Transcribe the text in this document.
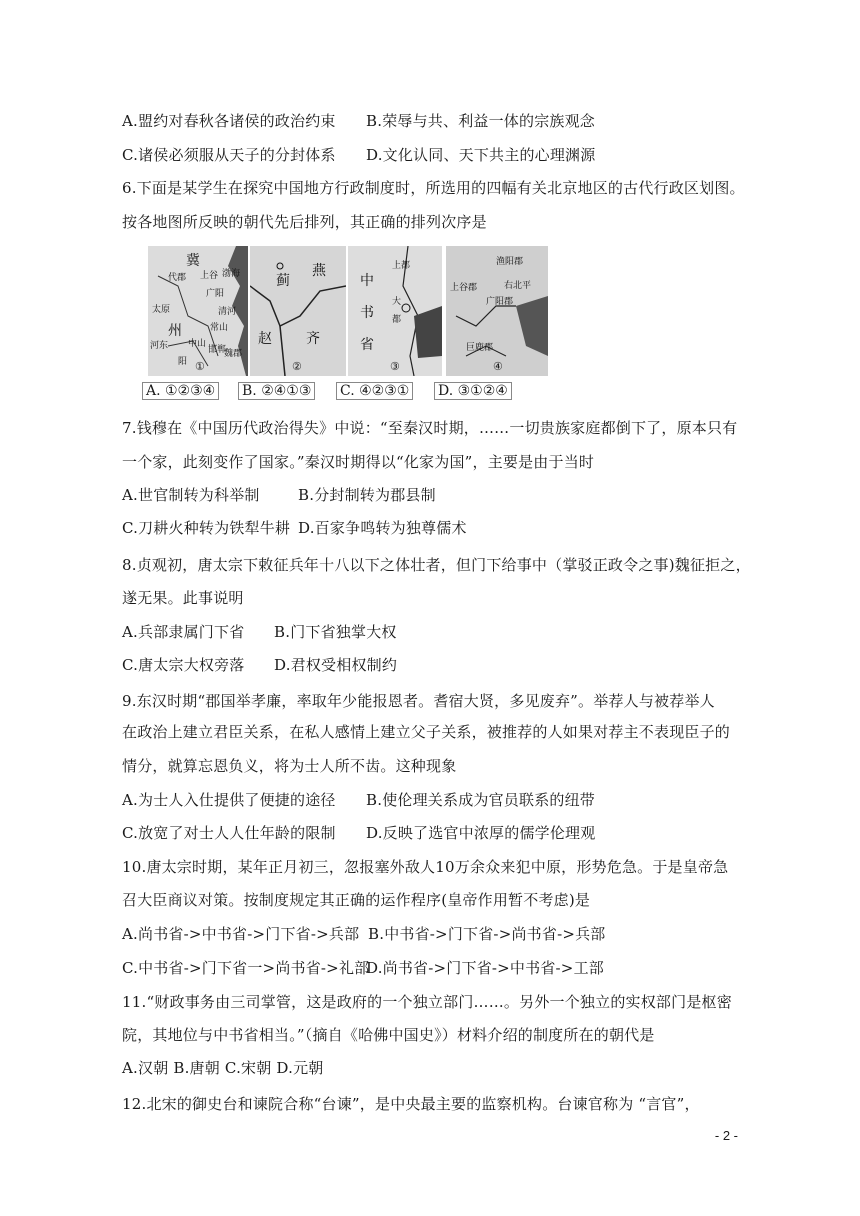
A.盟约对春秋各诸侯的政治约束 B.荣辱与共、利益一体的宗族观念
C.诸侯必须服从天子的分封体系 D.文化认同、天下共主的心理渊源
6.下面是某学生在探究中国地方行政制度时，所选用的四幅有关北京地区的古代行政区划图。
按各地图所反映的朝代先后排列，其正确的排列次序是
冀
代郡
广阳
上谷
州
中山
太原
河东
常山
邯郸
清河
渤海
魏郡
阳 ①
蓟
燕
赵 齐
②
上都
中
书
省
大
都
③
渔阳郡
上谷郡	右北平
广阳郡
巨鹿郡
④
A. ①②③④ B. ②④①③ C. ④②③① D. ③①②④
7.钱穆在《中国历代政治得失》中说：“至秦汉时期，……一切贵族家庭都倒下了，原本只有
一个家，此刻变作了国家。”秦汉时期得以“化家为国”，主要是由于当时
A.世官制转为科举制	B.分封制转为郡县制
C.刀耕火种转为铁犁牛耕 D.百家争鸣转为独尊儒术
8.贞观初，唐太宗下敕征兵年十八以下之体壮者，但门下给事中（掌驳正政令之事)魏征拒之，
遂无果。此事说明
A.兵部隶属门下省 B.门下省独掌大权
C.唐太宗大权旁落 D.君权受相权制约
9.东汉时期“郡国举孝廉，率取年少能报恩者。耆宿大贤，多见废弃”。举荐人与被荐举人
在政治上建立君臣关系，在私人感情上建立父子关系，被推荐的人如果对荐主不表现臣子的
情分，就算忘恩负义，将为士人所不齿。这种现象
A.为士人入仕提供了便捷的途径 B.使伦理关系成为官员联系的纽带
C.放宽了对士人人仕年龄的限制 D.反映了选官中浓厚的儒学伦理观
10.唐太宗时期，某年正月初三，忽报塞外敌人10万余众来犯中原，形势危急。于是皇帝急
召大臣商议对策。按制度规定其正确的运作程序(皇帝作用暂不考虑)是
A.尚书省->中书省->门下省->兵部 B.中书省->门下省->尚书省->兵部
C.中书省->门下省一>尚书省->礼部
D.尚书省->门下省->中书省->工部
11.“财政事务由三司掌管，这是政府的一个独立部门……。另外一个独立的实权部门是枢密
院，其地位与中书省相当。”（摘自《哈佛中国史》）材料介绍的制度所在的朝代是
A.汉朝 B.唐朝 C.宋朝 D.元朝
12.北宋的御史台和谏院合称“台谏”，是中央最主要的监察机构。台谏官称为 “言官”，
- 2 -
